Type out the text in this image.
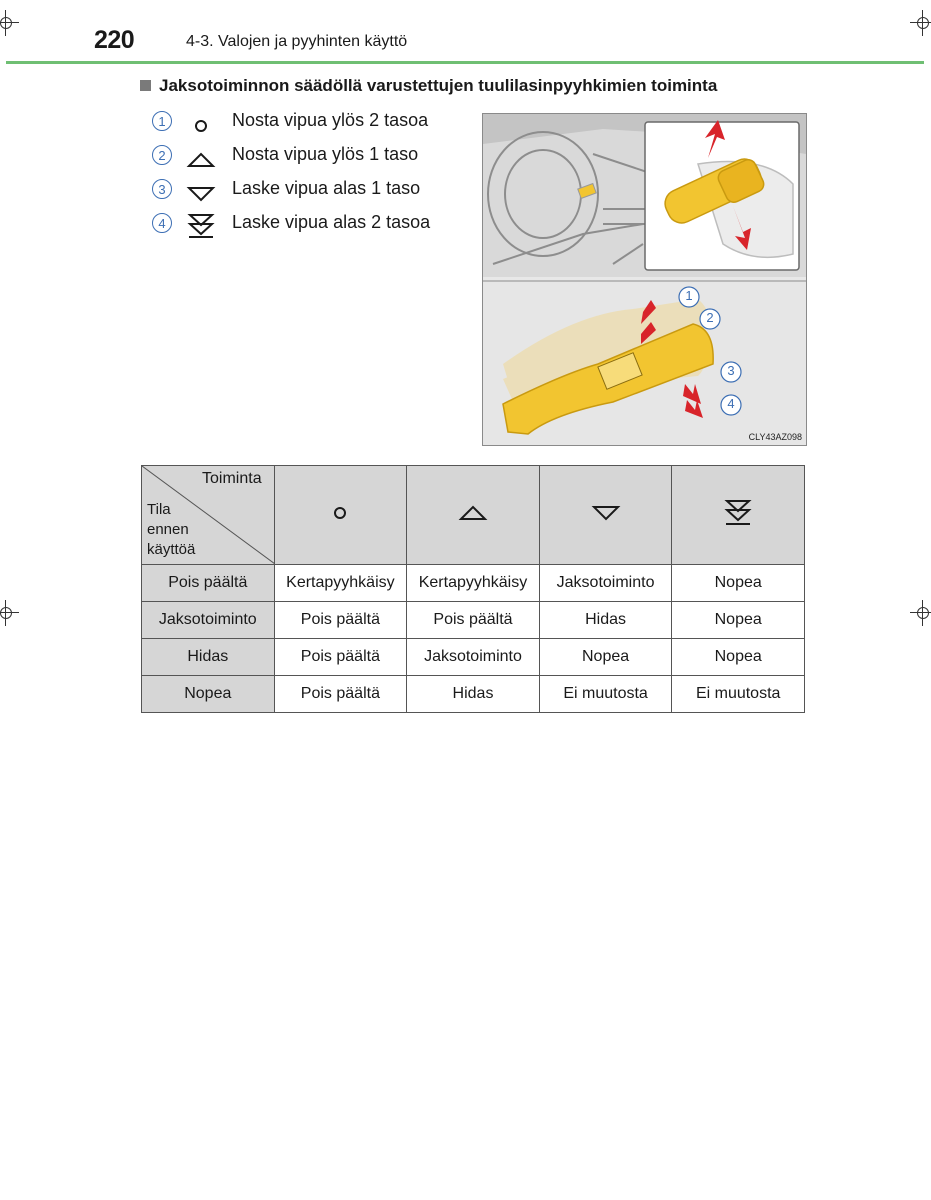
220	4-3. Valojen ja pyyhinten käyttö
Jaksotoiminnon säädöllä varustettujen tuulilasinpyyhkimien toiminta
1	Nosta vipua ylös 2 tasoa
2	Nosta vipua ylös 1 taso
3	Laske vipua alas 1 taso
4	Laske vipua alas 2 tasoa
1
2
3
4
CLY43AZ098
Toiminta
Tila
ennen
käyttöä

Pois päältä	Kertapyyhkäisy	Kertapyyhkäisy	Jaksotoiminto	Nopea
Jaksotoiminto	Pois päältä	Pois päältä	Hidas	Nopea
Hidas	Pois päältä	Jaksotoiminto	Nopea	Nopea
Nopea	Pois päältä	Hidas	Ei muutosta	Ei muutosta
